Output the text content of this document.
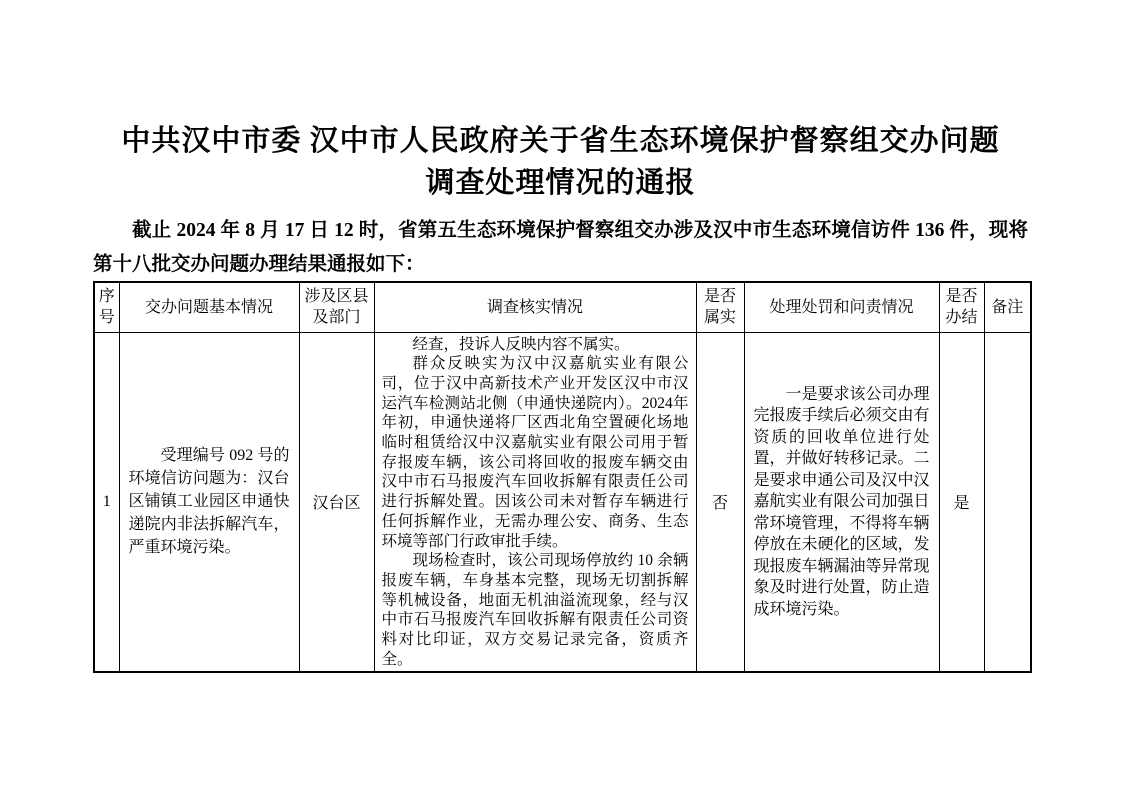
中共汉中市委 汉中市人民政府关于省生态环境保护督察组交办问题
调查处理情况的通报
截止 2024 年 8 月 17 日 12 时，省第五生态环境保护督察组交办涉及汉中市生态环境信访件 136 件，现将第十八批交办问题办理结果通报如下：
序号	交办问题基本情况	涉及区县及部门	调查核实情况	是否属实	处理处罚和问责情况	是否办结	备注
1	受理编号 092 号的环境信访问题为：汉台区铺镇工业园区申通快递院内非法拆解汽车，严重环境污染。	汉台区	经查，投诉人反映内容不属实。

群众反映实为汉中汉嘉航实业有限公司，位于汉中高新技术产业开发区汉中市汉运汽车检测站北侧（申通快递院内）。2024年年初，申通快递将厂区西北角空置硬化场地临时租赁给汉中汉嘉航实业有限公司用于暂存报废车辆，该公司将回收的报废车辆交由汉中市石马报废汽车回收拆解有限责任公司进行拆解处置。因该公司未对暂存车辆进行任何拆解作业，无需办理公安、商务、生态环境等部门行政审批手续。

现场检查时，该公司现场停放约 10 余辆报废车辆，车身基本完整，现场无切割拆解等机械设备，地面无机油溢流现象，经与汉中市石马报废汽车回收拆解有限责任公司资料对比印证，双方交易记录完备，资质齐全。	否	一是要求该公司办理完报废手续后必须交由有资质的回收单位进行处置，并做好转移记录。二是要求申通公司及汉中汉嘉航实业有限公司加强日常环境管理，不得将车辆停放在未硬化的区域，发现报废车辆漏油等异常现象及时进行处置，防止造成环境污染。	是	
